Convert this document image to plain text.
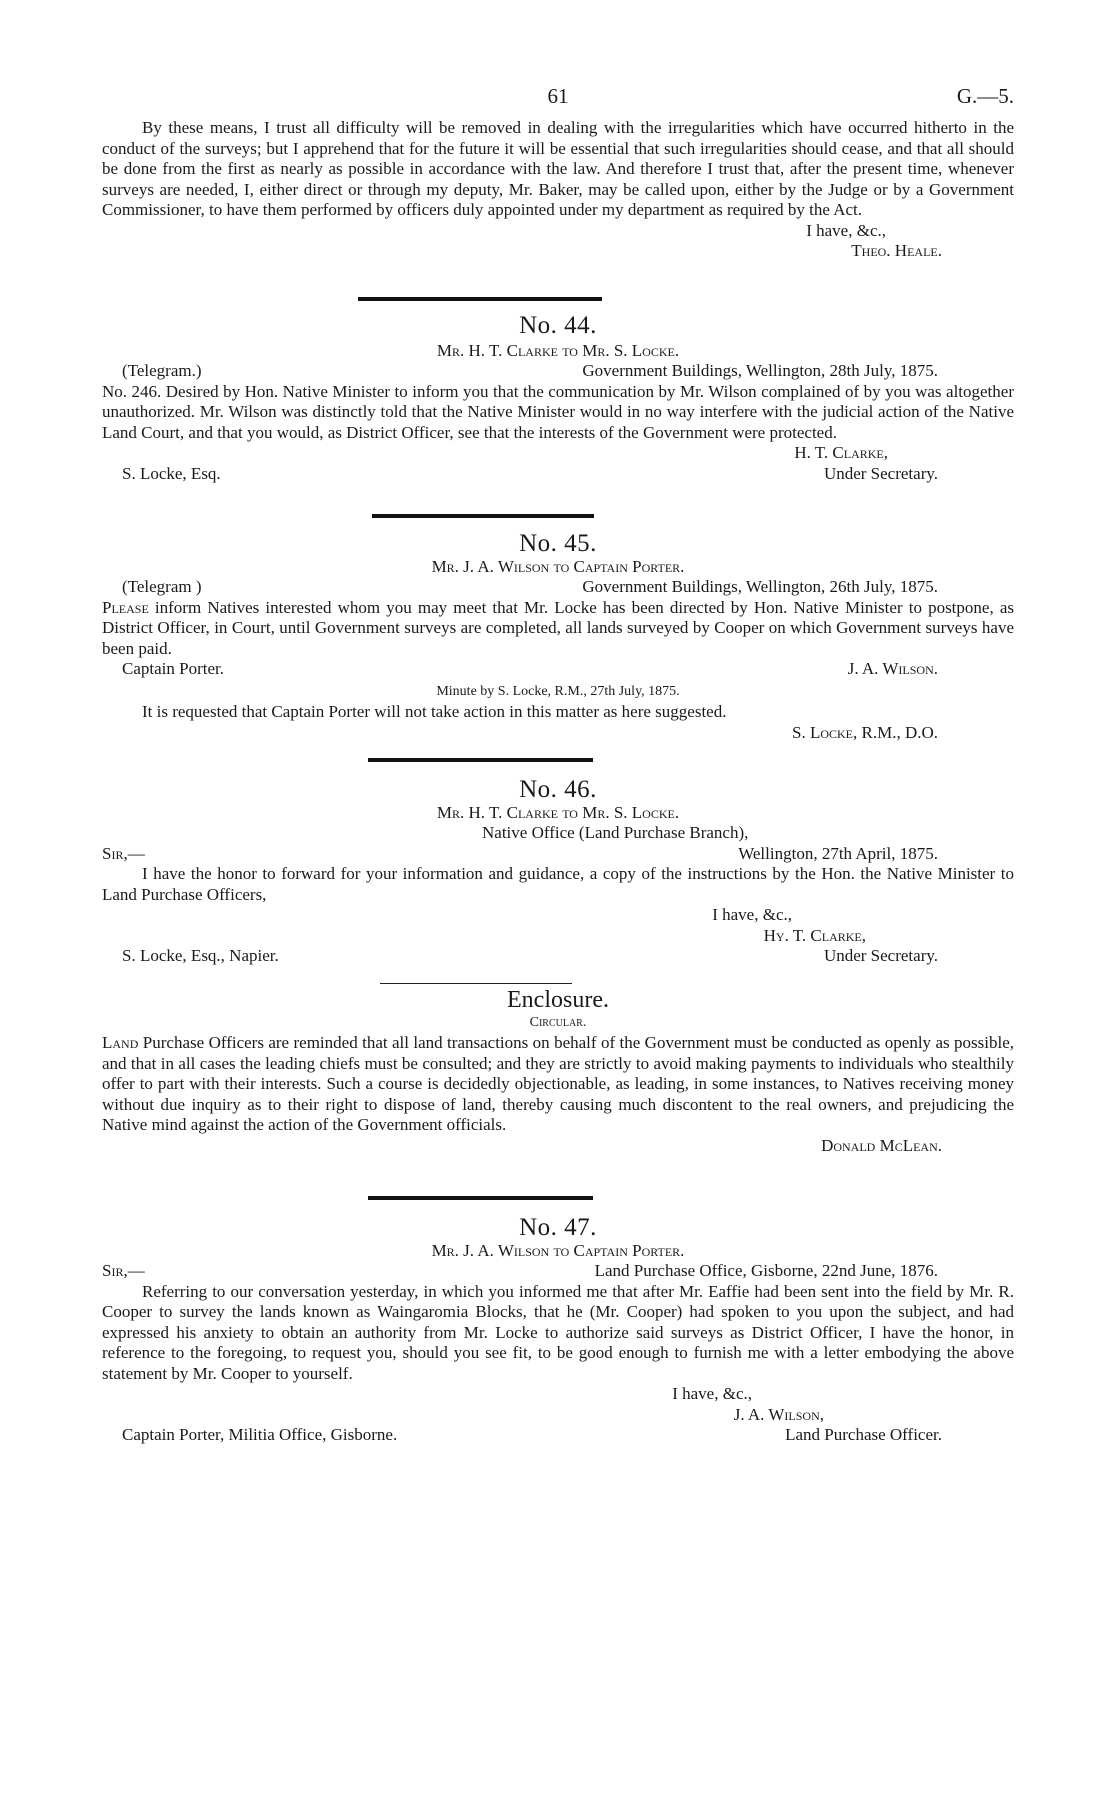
61	G.—5.

By these means, I trust all difficulty will be removed in dealing with the irregularities which have occurred hitherto in the conduct of the surveys; but I apprehend that for the future it will be essential that such irregularities should cease, and that all should be done from the first as nearly as possible in accordance with the law. And therefore I trust that, after the present time, whenever surveys are needed, I, either direct or through my deputy, Mr. Baker, may be called upon, either by the Judge or by a Government Commissioner, to have them performed by officers duly appointed under my department as required by the Act.

I have, &c.,
Theo. Heale.
No. 44.
Mr. H. T. Clarke to Mr. S. Locke.
(Telegram.)	Government Buildings, Wellington, 28th July, 1875.

No. 246. Desired by Hon. Native Minister to inform you that the communication by Mr. Wilson complained of by you was altogether unauthorized. Mr. Wilson was distinctly told that the Native Minister would in no way interfere with the judicial action of the Native Land Court, and that you would, as District Officer, see that the interests of the Government were protected.

H. T. Clarke,
S. Locke, Esq.	Under Secretary.
No. 45.
Mr. J. A. Wilson to Captain Porter.
(Telegram )	Government Buildings, Wellington, 26th July, 1875.

Please inform Natives interested whom you may meet that Mr. Locke has been directed by Hon. Native Minister to postpone, as District Officer, in Court, until Government surveys are completed, all lands surveyed by Cooper on which Government surveys have been paid.

Captain Porter.	J. A. Wilson.
Minute by S. Locke, R.M., 27th July, 1875.

It is requested that Captain Porter will not take action in this matter as here suggested.

S. Locke, R.M., D.O.
No. 46.
Mr. H. T. Clarke to Mr. S. Locke.
Native Office (Land Purchase Branch),
Sir,—	Wellington, 27th April, 1875.

I have the honor to forward for your information and guidance, a copy of the instructions by the Hon. the Native Minister to Land Purchase Officers,

I have, &c.,
Hy. T. Clarke,
S. Locke, Esq., Napier.	Under Secretary.
Enclosure.
Circular.

Land Purchase Officers are reminded that all land transactions on behalf of the Government must be conducted as openly as possible, and that in all cases the leading chiefs must be consulted; and they are strictly to avoid making payments to individuals who stealthily offer to part with their interests. Such a course is decidedly objectionable, as leading, in some instances, to Natives receiving money without due inquiry as to their right to dispose of land, thereby causing much discontent to the real owners, and prejudicing the Native mind against the action of the Government officials.

Donald McLean.
No. 47.
Mr. J. A. Wilson to Captain Porter.
Sir,—	Land Purchase Office, Gisborne, 22nd June, 1876.

Referring to our conversation yesterday, in which you informed me that after Mr. Eaffie had been sent into the field by Mr. R. Cooper to survey the lands known as Waingaromia Blocks, that he (Mr. Cooper) had spoken to you upon the subject, and had expressed his anxiety to obtain an authority from Mr. Locke to authorize said surveys as District Officer, I have the honor, in reference to the foregoing, to request you, should you see fit, to be good enough to furnish me with a letter embodying the above statement by Mr. Cooper to yourself.

I have, &c.,
J. A. Wilson,
Captain Porter, Militia Office, Gisborne.	Land Purchase Officer.
